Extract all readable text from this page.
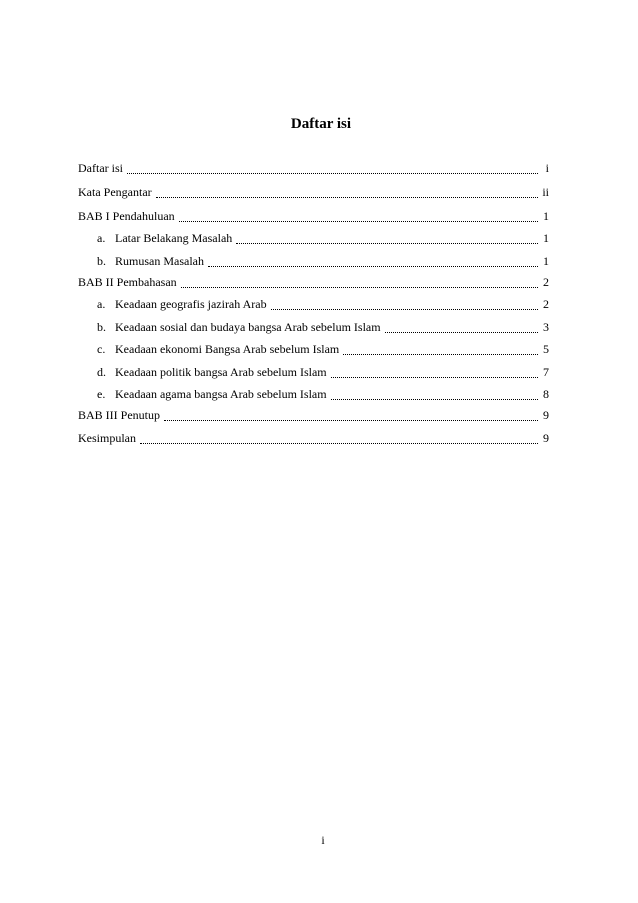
Daftar isi
Daftar isi	i
Kata Pengantar	ii
BAB I Pendahuluan	1
a. Latar Belakang Masalah	1
b. Rumusan Masalah	1
BAB II Pembahasan	2
a. Keadaan geografis jazirah Arab	2
b. Keadaan sosial dan budaya bangsa Arab sebelum Islam	3
c. Keadaan ekonomi Bangsa Arab sebelum Islam	5
d. Keadaan politik bangsa Arab sebelum Islam	7
e. Keadaan agama bangsa Arab sebelum Islam	8
BAB III Penutup	9
Kesimpulan	9
i
